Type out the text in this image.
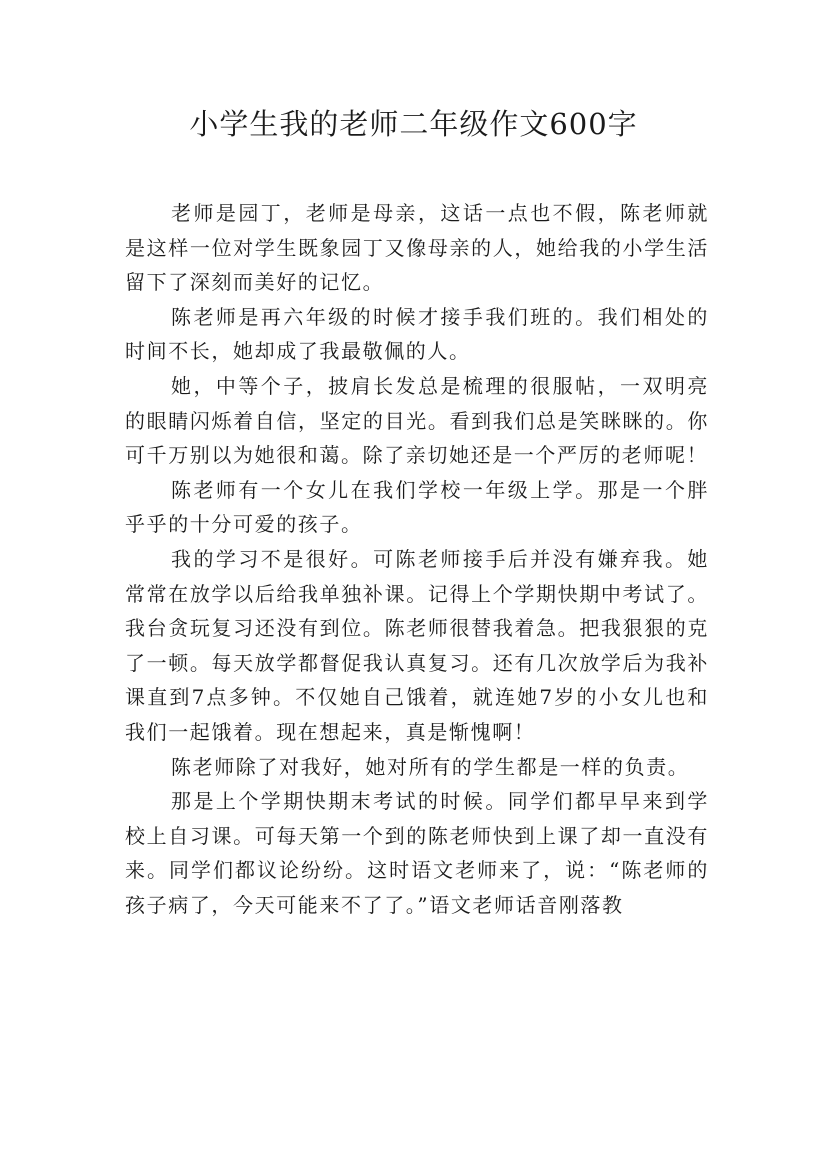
小学生我的老师二年级作文600字

老师是园丁，老师是母亲，这话一点也不假，陈老师就是这样一位对学生既象园丁又像母亲的人，她给我的小学生活留下了深刻而美好的记忆。

陈老师是再六年级的时候才接手我们班的。我们相处的时间不长，她却成了我最敬佩的人。

她，中等个子，披肩长发总是梳理的很服帖，一双明亮的眼睛闪烁着自信，坚定的目光。看到我们总是笑眯眯的。你可千万别以为她很和蔼。除了亲切她还是一个严厉的老师呢！

陈老师有一个女儿在我们学校一年级上学。那是一个胖乎乎的十分可爱的孩子。

我的学习不是很好。可陈老师接手后并没有嫌弃我。她常常在放学以后给我单独补课。记得上个学期快期中考试了。我台贪玩复习还没有到位。陈老师很替我着急。把我狠狠的克了一顿。每天放学都督促我认真复习。还有几次放学后为我补课直到7点多钟。不仅她自己饿着，就连她7岁的小女儿也和我们一起饿着。现在想起来，真是惭愧啊！

陈老师除了对我好，她对所有的学生都是一样的负责。

那是上个学期快期末考试的时候。同学们都早早来到学校上自习课。可每天第一个到的陈老师快到上课了却一直没有来。同学们都议论纷纷。这时语文老师来了，说：“陈老师的孩子病了，今天可能来不了了。”语文老师话音刚落教
